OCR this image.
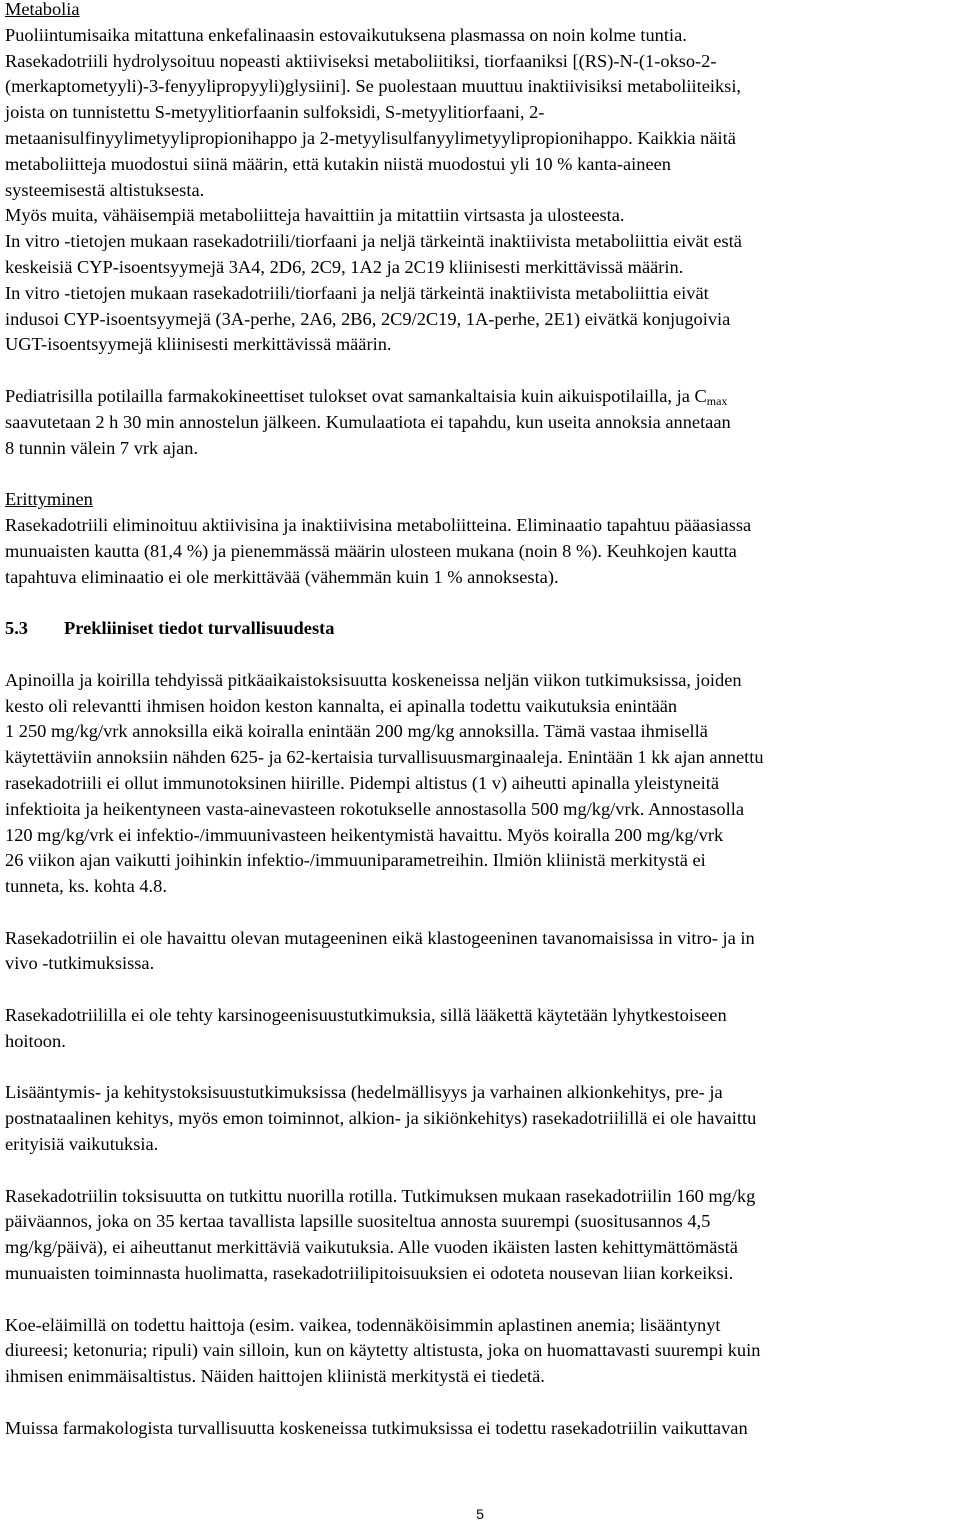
Metabolia

Puoliintumisaika mitattuna enkefalinaasin estovaikutuksena plasmassa on noin kolme tuntia.
Rasekadotriili hydrolysoituu nopeasti aktiiviseksi metaboliitiksi, tiorfaaniksi [(RS)-N-(1-okso-2-
(merkaptometyyli)-3-fenyylipropyyli)glysiini]. Se puolestaan muuttuu inaktiivisiksi metaboliiteiksi,
joista on tunnistettu S-metyylitiorfaanin sulfoksidi, S-metyylitiorfaani, 2-
metaanisulfinyylimetyylipropionihappo ja 2-metyylisulfanyylimetyylipropionihappo. Kaikkia näitä
metaboliitteja muodostui siinä määrin, että kutakin niistä muodostui yli 10 % kanta-aineen
systeemisestä altistuksesta.

Myös muita, vähäisempiä metaboliitteja havaittiin ja mitattiin virtsasta ja ulosteesta.

In vitro -tietojen mukaan rasekadotriili/tiorfaani ja neljä tärkeintä inaktiivista metaboliittia eivät estä
keskeisiä CYP-isoentsyymejä 3A4, 2D6, 2C9, 1A2 ja 2C19 kliinisesti merkittävissä määrin.

In vitro -tietojen mukaan rasekadotriili/tiorfaani ja neljä tärkeintä inaktiivista metaboliittia eivät
indusoi CYP-isoentsyymejä (3A-perhe, 2A6, 2B6, 2C9/2C19, 1A-perhe, 2E1) eivätkä konjugoivia
UGT-isoentsyymejä kliinisesti merkittävissä määrin.

Pediatrisilla potilailla farmakokineettiset tulokset ovat samankaltaisia kuin aikuispotilailla, ja $C_{max}$
saavutetaan 2 h 30 min annostelun jälkeen. Kumulaatiota ei tapahdu, kun useita annoksia annetaan
8 tunnin välein 7 vrk ajan.

Erittyminen

Rasekadotriili eliminoituu aktiivisina ja inaktiivisina metaboliitteina. Eliminaatio tapahtuu pääasiassa
munuaisten kautta (81,4 %) ja pienemmässä määrin ulosteen mukana (noin 8 %). Keuhkojen kautta
tapahtuva eliminaatio ei ole merkittävää (vähemmän kuin 1 % annoksesta).

5.3	Prekliiniset tiedot turvallisuudesta

Apinoilla ja koirilla tehdyissä pitkäaikaistoksisuutta koskeneissa neljän viikon tutkimuksissa, joiden
kesto oli relevantti ihmisen hoidon keston kannalta, ei apinalla todettu vaikutuksia enintään
1 250 mg/kg/vrk annoksilla eikä koiralla enintään 200 mg/kg annoksilla. Tämä vastaa ihmisellä
käytettäviin annoksiin nähden 625- ja 62-kertaisia turvallisuusmarginaaleja. Enintään 1 kk ajan annettu
rasekadotriili ei ollut immunotoksinen hiirille. Pidempi altistus (1 v) aiheutti apinalla yleistyneitä
infektioita ja heikentyneen vasta-ainevasteen rokotukselle annostasolla 500 mg/kg/vrk. Annostasolla
120 mg/kg/vrk ei infektio-/immuunivasteen heikentymistä havaittu. Myös koiralla 200 mg/kg/vrk
26 viikon ajan vaikutti joihinkin infektio-/immuuniparametreihin. Ilmiön kliinistä merkitystä ei
tunneta, ks. kohta 4.8.

Rasekadotriilin ei ole havaittu olevan mutageeninen eikä klastogeeninen tavanomaisissa in vitro- ja in
vivo -tutkimuksissa.

Rasekadotriililla ei ole tehty karsinogeenisuustutkimuksia, sillä lääkettä käytetään lyhytkestoiseen
hoitoon.

Lisääntymis- ja kehitystoksisuustutkimuksissa (hedelmällisyys ja varhainen alkionkehitys, pre- ja
postnataalinen kehitys, myös emon toiminnot, alkion- ja sikiönkehitys) rasekadotriilillä ei ole havaittu
erityisiä vaikutuksia.

Rasekadotriilin toksisuutta on tutkittu nuorilla rotilla. Tutkimuksen mukaan rasekadotriilin 160 mg/kg
päiväannos, joka on 35 kertaa tavallista lapsille suositeltua annosta suurempi (suositusannos 4,5
mg/kg/päivä), ei aiheuttanut merkittäviä vaikutuksia. Alle vuoden ikäisten lasten kehittymättömästä
munuaisten toiminnasta huolimatta, rasekadotriilipitoisuuksien ei odoteta nousevan liian korkeiksi.

Koe-eläimillä on todettu haittoja (esim. vaikea, todennäköisimmin aplastinen anemia; lisääntynyt
diureesi; ketonuria; ripuli) vain silloin, kun on käytetty altistusta, joka on huomattavasti suurempi kuin
ihmisen enimmäisaltistus. Näiden haittojen kliinistä merkitystä ei tiedetä.

Muissa farmakologista turvallisuutta koskeneissa tutkimuksissa ei todettu rasekadotriilin vaikuttavan

5
